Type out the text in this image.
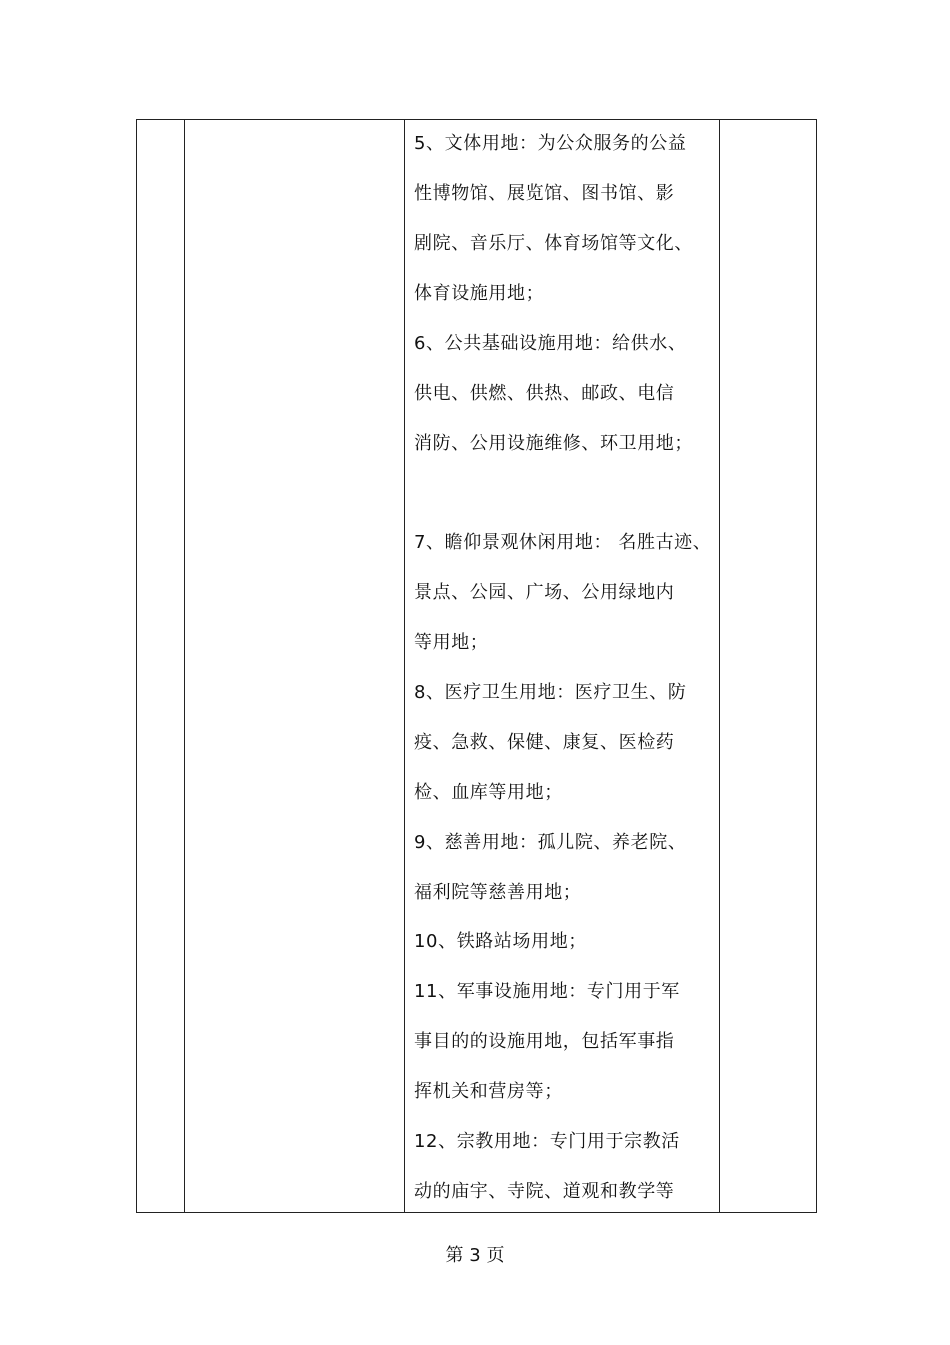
5、文体用地：为公众服务的公益
性博物馆、展览馆、图书馆、影
剧院、音乐厅、体育场馆等文化、
体育设施用地；
6、公共基础设施用地：给供水、
供电、供燃、供热、邮政、电信
消防、公用设施维修、环卫用地；
7、瞻仰景观休闲用地： 名胜古迹、
景点、公园、广场、公用绿地内
等用地；
8、医疗卫生用地：医疗卫生、防
疫、急救、保健、康复、医检药
检、血库等用地；
9、慈善用地：孤儿院、养老院、
福利院等慈善用地；
10、铁路站场用地；
11、军事设施用地：专门用于军
事目的的设施用地，包括军事指
挥机关和营房等；
12、宗教用地：专门用于宗教活
动的庙宇、寺院、道观和教学等

第 3 页
